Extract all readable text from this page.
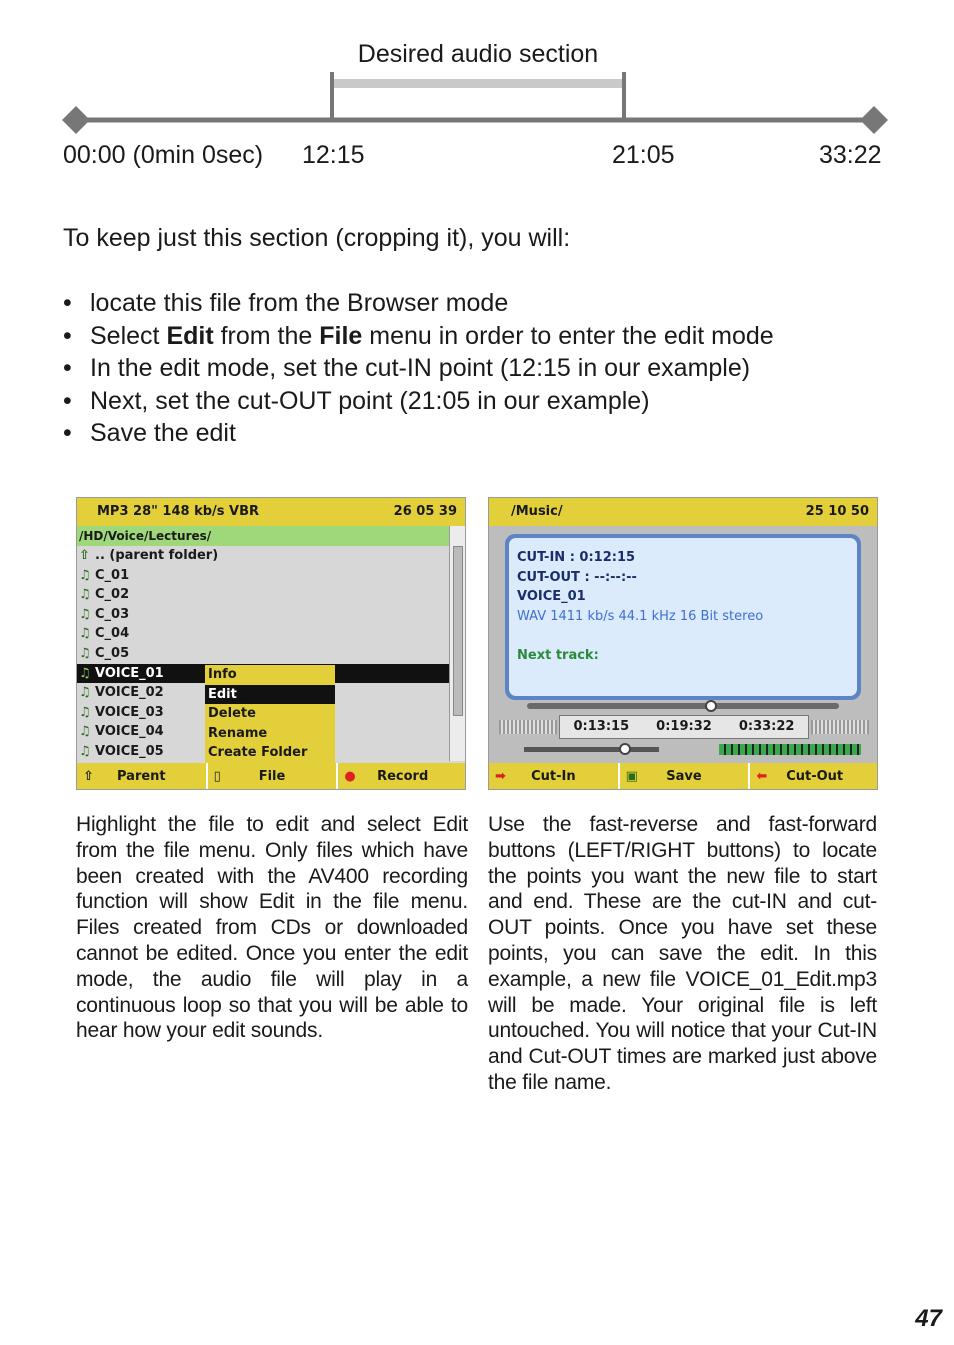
Desired audio section
00:00 (0min 0sec) 12:15	21:05	33:22
To keep just this section (cropping it), you will:
• locate this file from the Browser mode
• Select Edit from the File menu in order to enter the edit mode
• In the edit mode, set the cut-IN point (12:15 in our example)
• Next, set the cut-OUT point (21:05 in our example)
• Save the edit
MP3 28" 148 kb/s VBR	26 05 39
/HD/Voice/Lectures/
⇧ .. (parent folder)
♫ C_01
♫ C_02
♫ C_03
♫ C_04
♫ C_05
♫ VOICE_01
♫ VOICE_02
♫ VOICE_03
♫ VOICE_04
♫ VOICE_05
Info
Edit
Delete
Rename
Create Folder
⇧ Parent	▯	File	● Record
/Music/	25 10 50
CUT-IN : 0:12:15
CUT-OUT : --:--:--
VOICE_01
WAV 1411 kb/s 44.1 kHz 16 Bit stereo
Next track:
0:13:15 0:19:32 0:33:22
➡ Cut-In	▣ Save	⬅ Cut-Out
Highlight the file to edit and select Edit from the file menu. Only files which have been created with the AV400 recording function will show Edit in the file menu. Files created from CDs or downloaded cannot be edited. Once you enter the edit mode, the audio file will play in a continuous loop so that you will be able to hear how your edit sounds.
Use the fast-reverse and fast-forward buttons (LEFT/RIGHT buttons) to locate the points you want the new file to start and end. These are the cut-IN and cut-OUT points. Once you have set these points, you can save the edit. In this example, a new file VOICE_01_Edit.mp3 will be made. Your original file is left untouched. You will notice that your Cut-IN and Cut-OUT times are marked just above the file name.
47
